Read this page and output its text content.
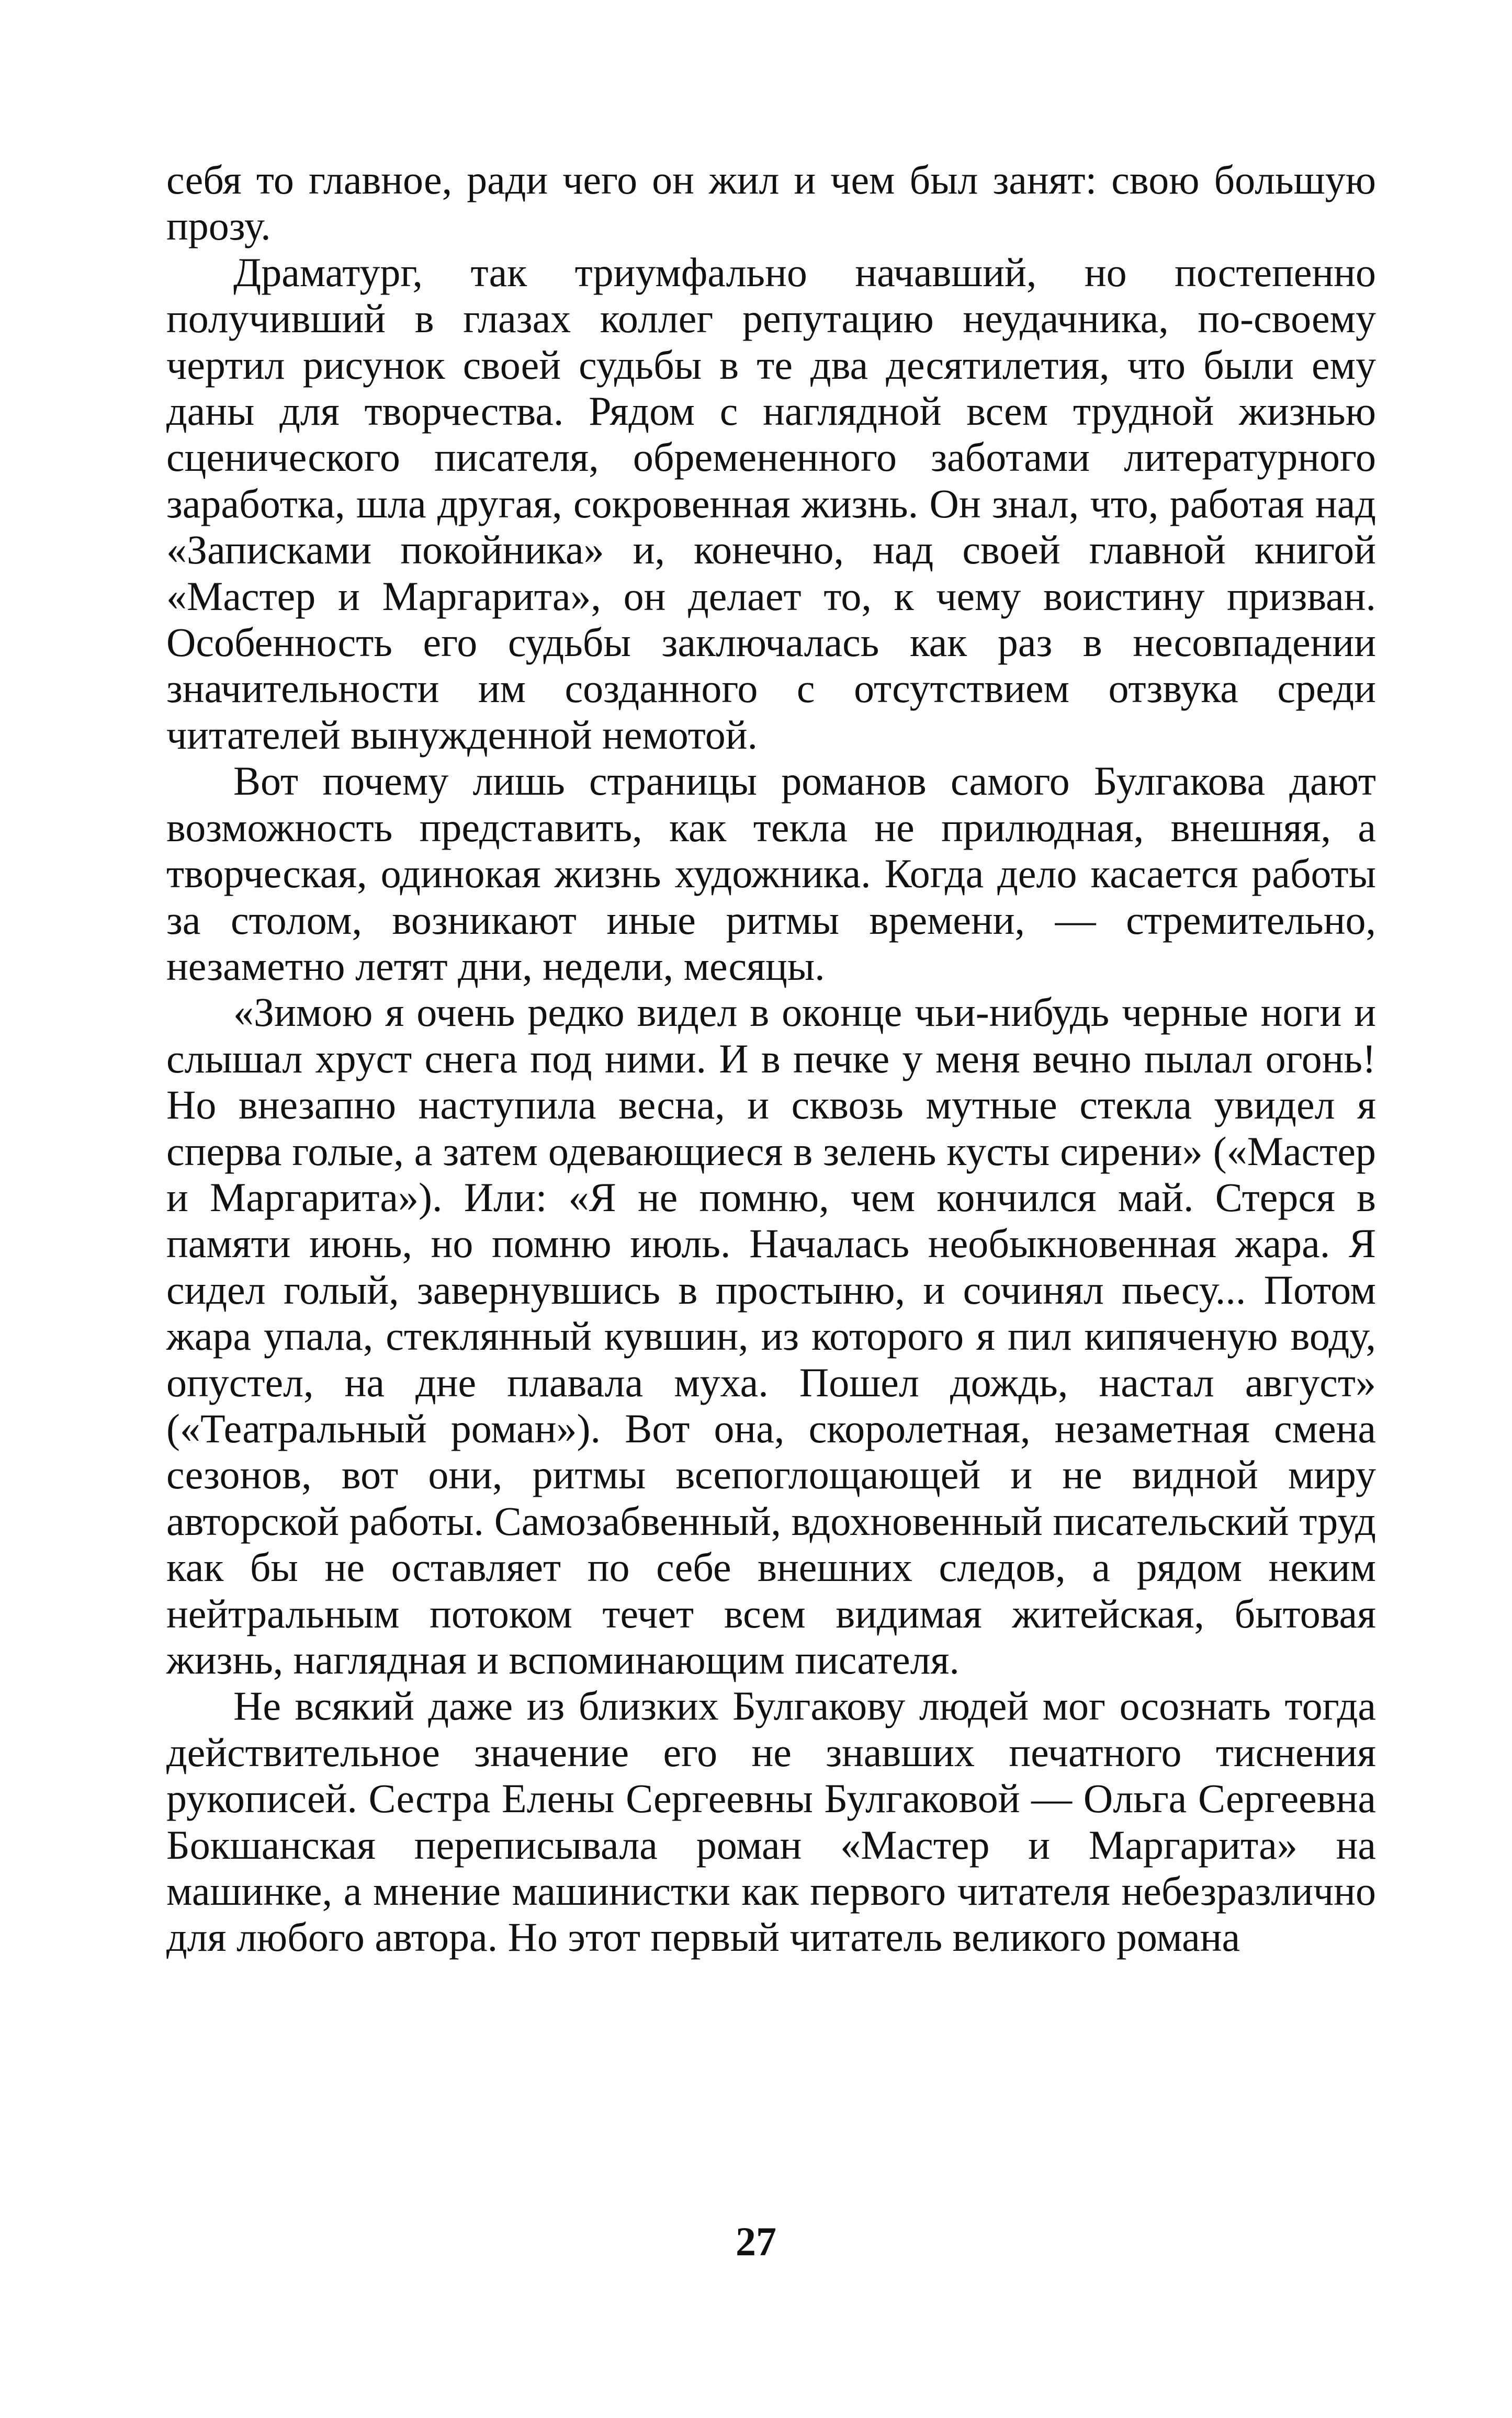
себя то главное, ради чего он жил и чем был занят: свою большую прозу.

Драматург, так триумфально начавший, но постепенно получивший в глазах коллег репутацию неудачника, по-своему чертил рисунок своей судьбы в те два десятилетия, что были ему даны для творчества. Рядом с наглядной всем трудной жизнью сценического писателя, обремененного заботами литературного заработка, шла другая, сокровенная жизнь. Он знал, что, работая над «Записками покойника» и, конечно, над своей главной книгой «Мастер и Маргарита», он делает то, к чему воистину призван. Особенность его судьбы заключалась как раз в несовпадении значительности им созданного с отсутствием отзвука среди читателей вынужденной немотой.

Вот почему лишь страницы романов самого Булгакова дают возможность представить, как текла не прилюдная, внешняя, а творческая, одинокая жизнь художника. Когда дело касается работы за столом, возникают иные ритмы времени, — стремительно, незаметно летят дни, недели, месяцы.

«Зимою я очень редко видел в оконце чьи-нибудь черные ноги и слышал хруст снега под ними. И в печке у меня вечно пылал огонь! Но внезапно наступила весна, и сквозь мутные стекла увидел я сперва голые, а затем одевающиеся в зелень кусты сирени» («Мастер и Маргарита»). Или: «Я не помню, чем кончился май. Стерся в памяти июнь, но помню июль. Началась необыкновенная жара. Я сидел голый, завернувшись в простыню, и сочинял пьесу... Потом жара упала, стеклянный кувшин, из которого я пил кипяченую воду, опустел, на дне плавала муха. Пошел дождь, настал август» («Театральный роман»). Вот она, скоролетная, незаметная смена сезонов, вот они, ритмы всепоглощающей и не видной миру авторской работы. Самозабвенный, вдохновенный писательский труд как бы не оставляет по себе внешних следов, а рядом неким нейтральным потоком течет всем видимая житейская, бытовая жизнь, наглядная и вспоминающим писателя.

Не всякий даже из близких Булгакову людей мог осознать тогда действительное значение его не знавших печатного тиснения рукописей. Сестра Елены Сергеевны Булгаковой — Ольга Сергеевна Бокшанская переписывала роман «Мастер и Маргарита» на машинке, а мнение машинистки как первого читателя небезразлично для любого автора. Но этот первый читатель великого романа

27
